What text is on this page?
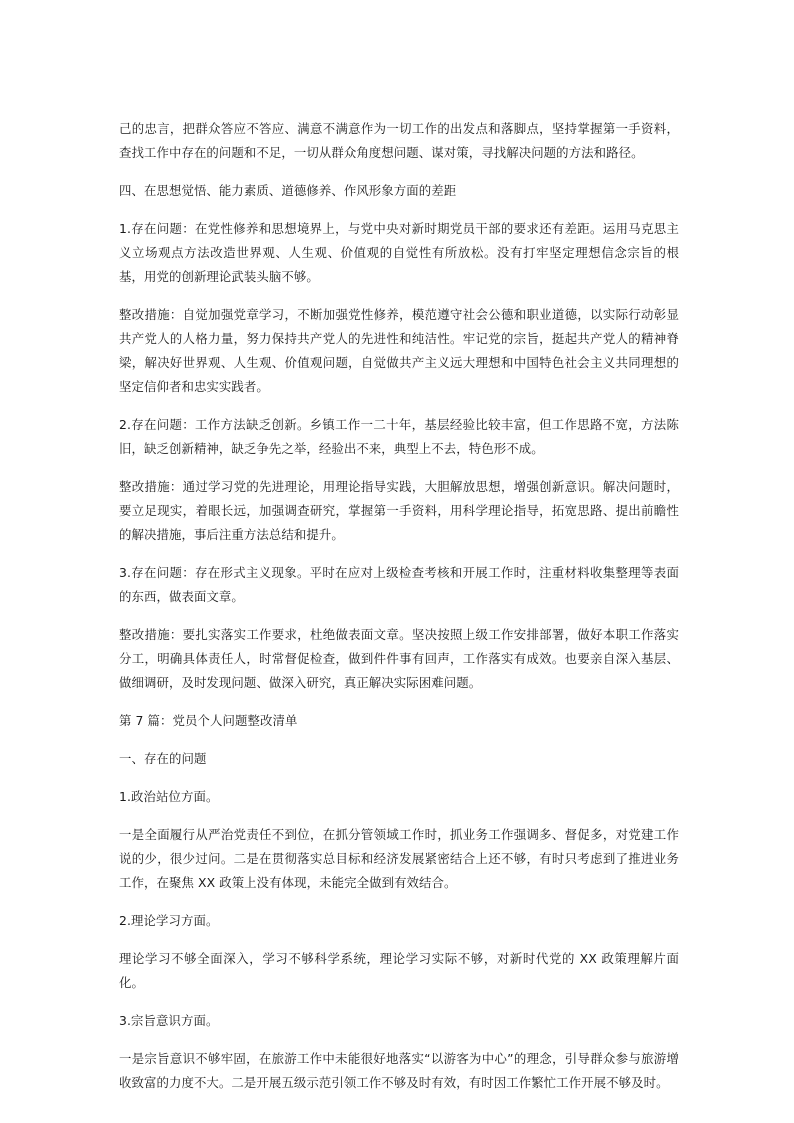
己的忠言，把群众答应不答应、满意不满意作为一切工作的出发点和落脚点，坚持掌握第一手资料，查找工作中存在的问题和不足，一切从群众角度想问题、谋对策，寻找解决问题的方法和路径。

四、在思想觉悟、能力素质、道德修养、作风形象方面的差距

1.存在问题：在党性修养和思想境界上，与党中央对新时期党员干部的要求还有差距。运用马克思主义立场观点方法改造世界观、人生观、价值观的自觉性有所放松。没有打牢坚定理想信念宗旨的根基，用党的创新理论武装头脑不够。

整改措施：自觉加强党章学习，不断加强党性修养，模范遵守社会公德和职业道德，以实际行动彰显共产党人的人格力量，努力保持共产党人的先进性和纯洁性。牢记党的宗旨，挺起共产党人的精神脊梁，解决好世界观、人生观、价值观问题，自觉做共产主义远大理想和中国特色社会主义共同理想的坚定信仰者和忠实实践者。

2.存在问题：工作方法缺乏创新。乡镇工作一二十年，基层经验比较丰富，但工作思路不宽，方法陈旧，缺乏创新精神，缺乏争先之举，经验出不来，典型上不去，特色形不成。

整改措施：通过学习党的先进理论，用理论指导实践，大胆解放思想，增强创新意识。解决问题时，要立足现实，着眼长远，加强调查研究，掌握第一手资料，用科学理论指导，拓宽思路、提出前瞻性的解决措施，事后注重方法总结和提升。

3.存在问题：存在形式主义现象。平时在应对上级检查考核和开展工作时，注重材料收集整理等表面的东西，做表面文章。

整改措施：要扎实落实工作要求，杜绝做表面文章。坚决按照上级工作安排部署，做好本职工作落实分工，明确具体责任人，时常督促检查，做到件件事有回声，工作落实有成效。也要亲自深入基层、做细调研，及时发现问题、做深入研究，真正解决实际困难问题。

第 7 篇：党员个人问题整改清单

一、存在的问题

1.政治站位方面。

一是全面履行从严治党责任不到位，在抓分管领域工作时，抓业务工作强调多、督促多，对党建工作说的少，很少过问。二是在贯彻落实总目标和经济发展紧密结合上还不够，有时只考虑到了推进业务工作，在聚焦 XX 政策上没有体现，未能完全做到有效结合。

2.理论学习方面。

理论学习不够全面深入，学习不够科学系统，理论学习实际不够，对新时代党的 XX 政策理解片面化。

3.宗旨意识方面。

一是宗旨意识不够牢固，在旅游工作中未能很好地落实“以游客为中心”的理念，引导群众参与旅游增收致富的力度不大。二是开展五级示范引领工作不够及时有效，有时因工作繁忙工作开展不够及时。
